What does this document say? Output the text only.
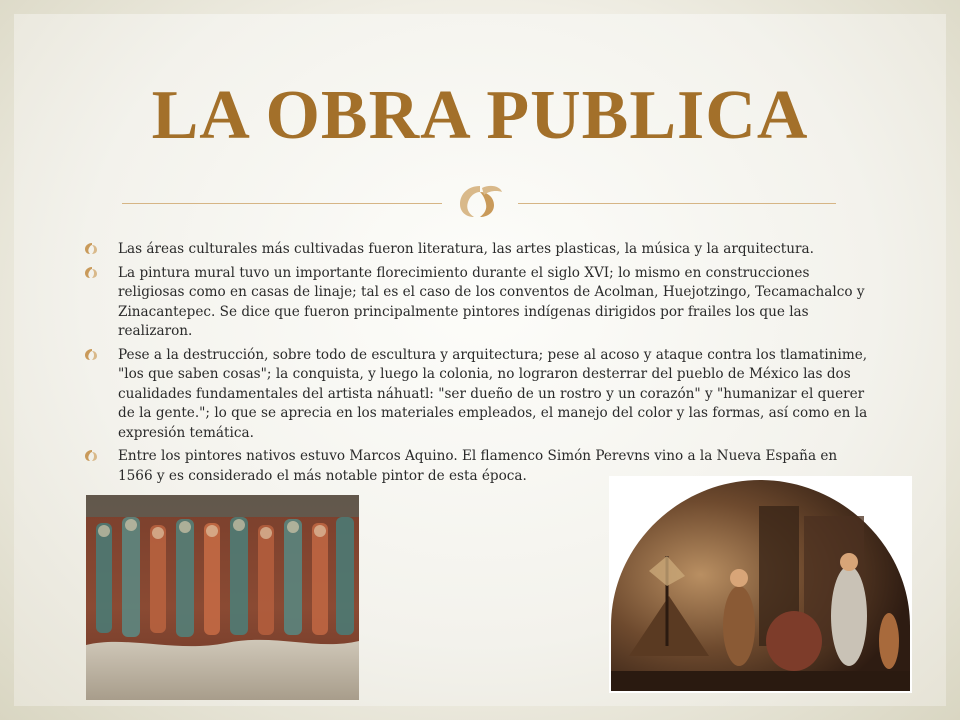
LA OBRA PUBLICA
Las áreas culturales más cultivadas fueron literatura, las artes plasticas, la música y la arquitectura.
La pintura mural tuvo un importante florecimiento durante el siglo XVI; lo mismo en construcciones religiosas como en casas de linaje; tal es el caso de los conventos de Acolman, Huejotzingo, Tecamachalco y Zinacantepec. Se dice que fueron principalmente pintores indígenas dirigidos por frailes los que las realizaron.
Pese a la destrucción, sobre todo de escultura y arquitectura; pese al acoso y ataque contra los tlamatinime, "los que saben cosas"; la conquista, y luego la colonia, no lograron desterrar del pueblo de México las dos cualidades fundamentales del artista náhuatl: "ser dueño de un rostro y un corazón" y "humanizar el querer de la gente."; lo que se aprecia en los materiales empleados, el manejo del color y las formas, así como en la expresión temática.
Entre los pintores nativos estuvo Marcos Aquino. El flamenco Simón Perevns vino a la Nueva España en 1566 y es considerado el más notable pintor de esta época.
